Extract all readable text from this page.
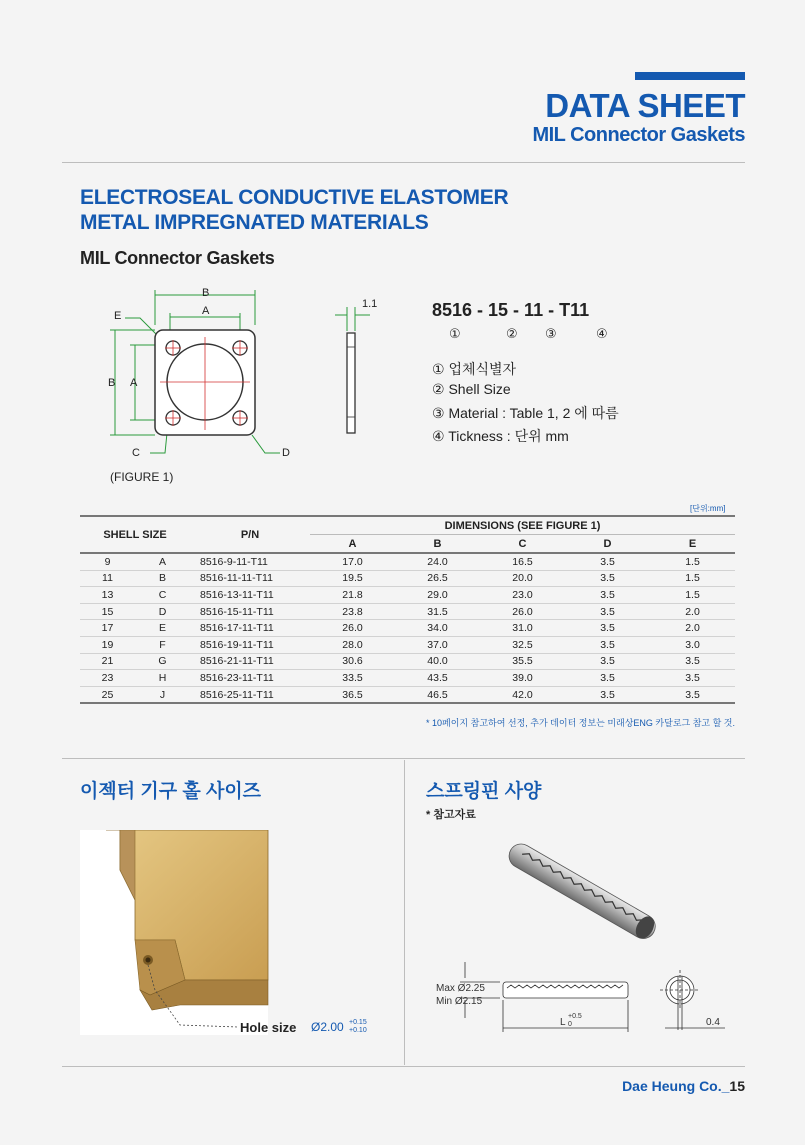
DATA SHEET
MIL Connector Gaskets
ELECTROSEAL CONDUCTIVE ELASTOMER
METAL IMPREGNATED MATERIALS
MIL Connector Gaskets
B
A
E
B A
C	D
1.1
(FIGURE 1)
8516 - 15 - 11 - T11
①	② ③	④
① 업체식별자
② Shell Size
③ Material : Table 1, 2 에 따름
④ Tickness : 단위 mm
[단위:mm]
SHELL SIZE		P/N	DIMENSIONS (SEE FIGURE 1)				
			A	B	C	D	E
9	A	8516-9-11-T11	17.0	24.0	16.5	3.5	1.5
11	B	8516-11-11-T11	19.5	26.5	20.0	3.5	1.5
13	C	8516-13-11-T11	21.8	29.0	23.0	3.5	1.5
15	D	8516-15-11-T11	23.8	31.5	26.0	3.5	2.0
17	E	8516-17-11-T11	26.0	34.0	31.0	3.5	2.0
19	F	8516-19-11-T11	28.0	37.0	32.5	3.5	3.0
21	G	8516-21-11-T11	30.6	40.0	35.5	3.5	3.5
23	H	8516-23-11-T11	33.5	43.5	39.0	3.5	3.5
25	J	8516-25-11-T11	36.5	46.5	42.0	3.5	3.5
* 10페이지 참고하여 선정, 추가 데이터 정보는 미래상ENG 카달로그 참고 할 것.
이젝터 기구 홀 사이즈
Hole size Ø2.00 +0.15
+0.10
스프링핀 사양
* 참고자료
Max Ø2.25
Min Ø2.15
L
+0.5
0	0.4
Dae Heung Co._15
